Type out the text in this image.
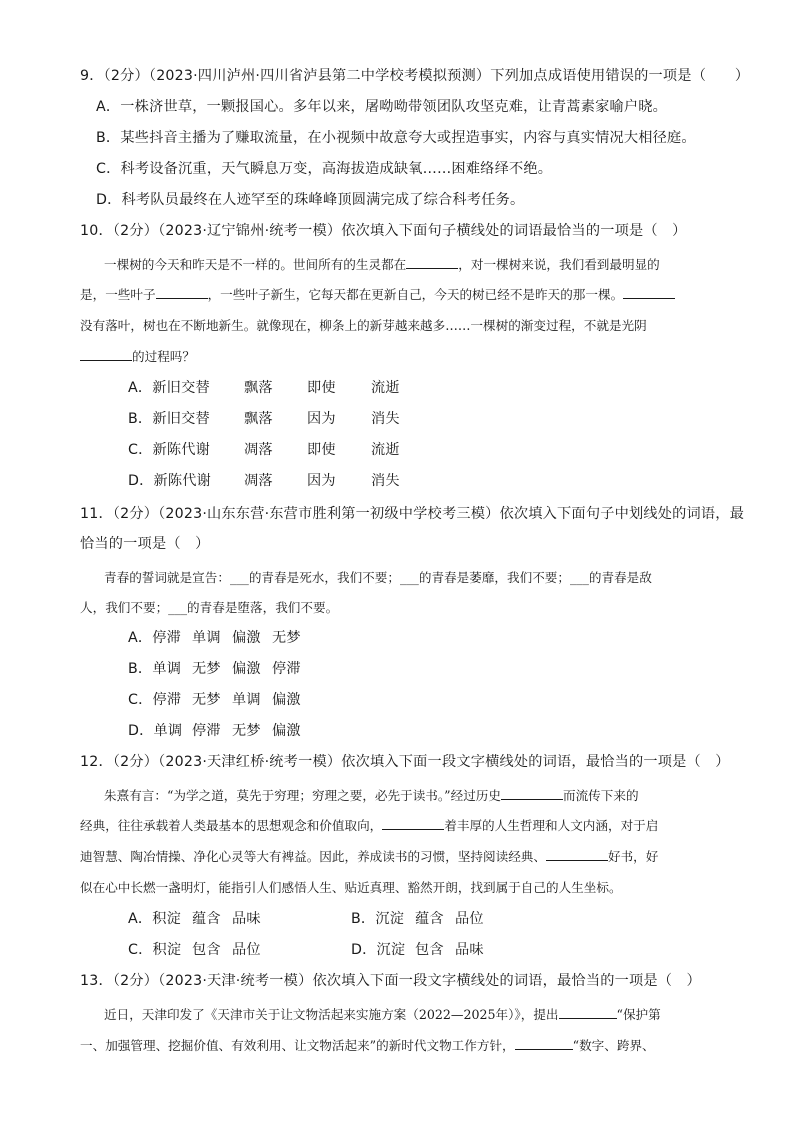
9．（2分）（2023·四川泸州·四川省泸县第二中学校考模拟预测）下列加点成语使用错误的一项是（　　）
A．一株济世草，一颗报国心。多年以来，屠呦呦带领团队攻坚克难，让青蒿素家喻户晓。
B．某些抖音主播为了赚取流量，在小视频中故意夸大或捏造事实，内容与真实情况大相径庭。
C．科考设备沉重，天气瞬息万变，高海拔造成缺氧……困难络绎不绝。
D．科考队员最终在人迹罕至的珠峰峰顶圆满完成了综合科考任务。
10．（2分）（2023·辽宁锦州·统考一模）依次填入下面句子横线处的词语最恰当的一项是（　）
一棵树的今天和昨天是不一样的。世间所有的生灵都在	，对一棵树来说，我们看到最明显的
是，一些叶子	，一些叶子新生，它每天都在更新自己，今天的树已经不是昨天的那一棵。
没有落叶，树也在不断地新生。就像现在，柳条上的新芽越来越多……一棵树的渐变过程，不就是光阴
的过程吗？
A．新旧交替 飘落 即使 流逝
B．新旧交替 飘落 因为 消失
C．新陈代谢 凋落 即使 流逝
D．新陈代谢 凋落 因为 消失
11．（2分）（2023·山东东营·东营市胜利第一初级中学校考三模）依次填入下面句子中划线处的词语，最
恰当的一项是（　）
青春的誓词就是宣告：___的青春是死水，我们不要；___的青春是萎靡，我们不要；___的青春是敌
人，我们不要；___的青春是堕落，我们不要。
A．停滞 单调 偏激 无梦
B．单调 无梦 偏激 停滞
C．停滞 无梦 单调 偏激
D．单调 停滞 无梦 偏激
12．（2分）（2023·天津红桥·统考一模）依次填入下面一段文字横线处的词语，最恰当的一项是（　）
朱熹有言：“为学之道，莫先于穷理；穷理之要，必先于读书。”经过历史	而流传下来的
经典，往往承载着人类最基本的思想观念和价值取向，	着丰厚的人生哲理和人文内涵，对于启
迪智慧、陶冶情操、净化心灵等大有裨益。因此，养成读书的习惯，坚持阅读经典、	好书，好
似在心中长燃一盏明灯，能指引人们感悟人生、贴近真理、豁然开朗，找到属于自己的人生坐标。
A．积淀 蕴含 品味	B．沉淀 蕴含 品位
C．积淀 包含 品位	D．沉淀 包含 品味
13．（2分）（2023·天津·统考一模）依次填入下面一段文字横线处的词语，最恰当的一项是（　）
近日，天津印发了《天津市关于让文物活起来实施方案（2022—2025年）》，提出	“保护第
一、加强管理、挖掘价值、有效利用、让文物活起来”的新时代文物工作方针，	“数字、跨界、
